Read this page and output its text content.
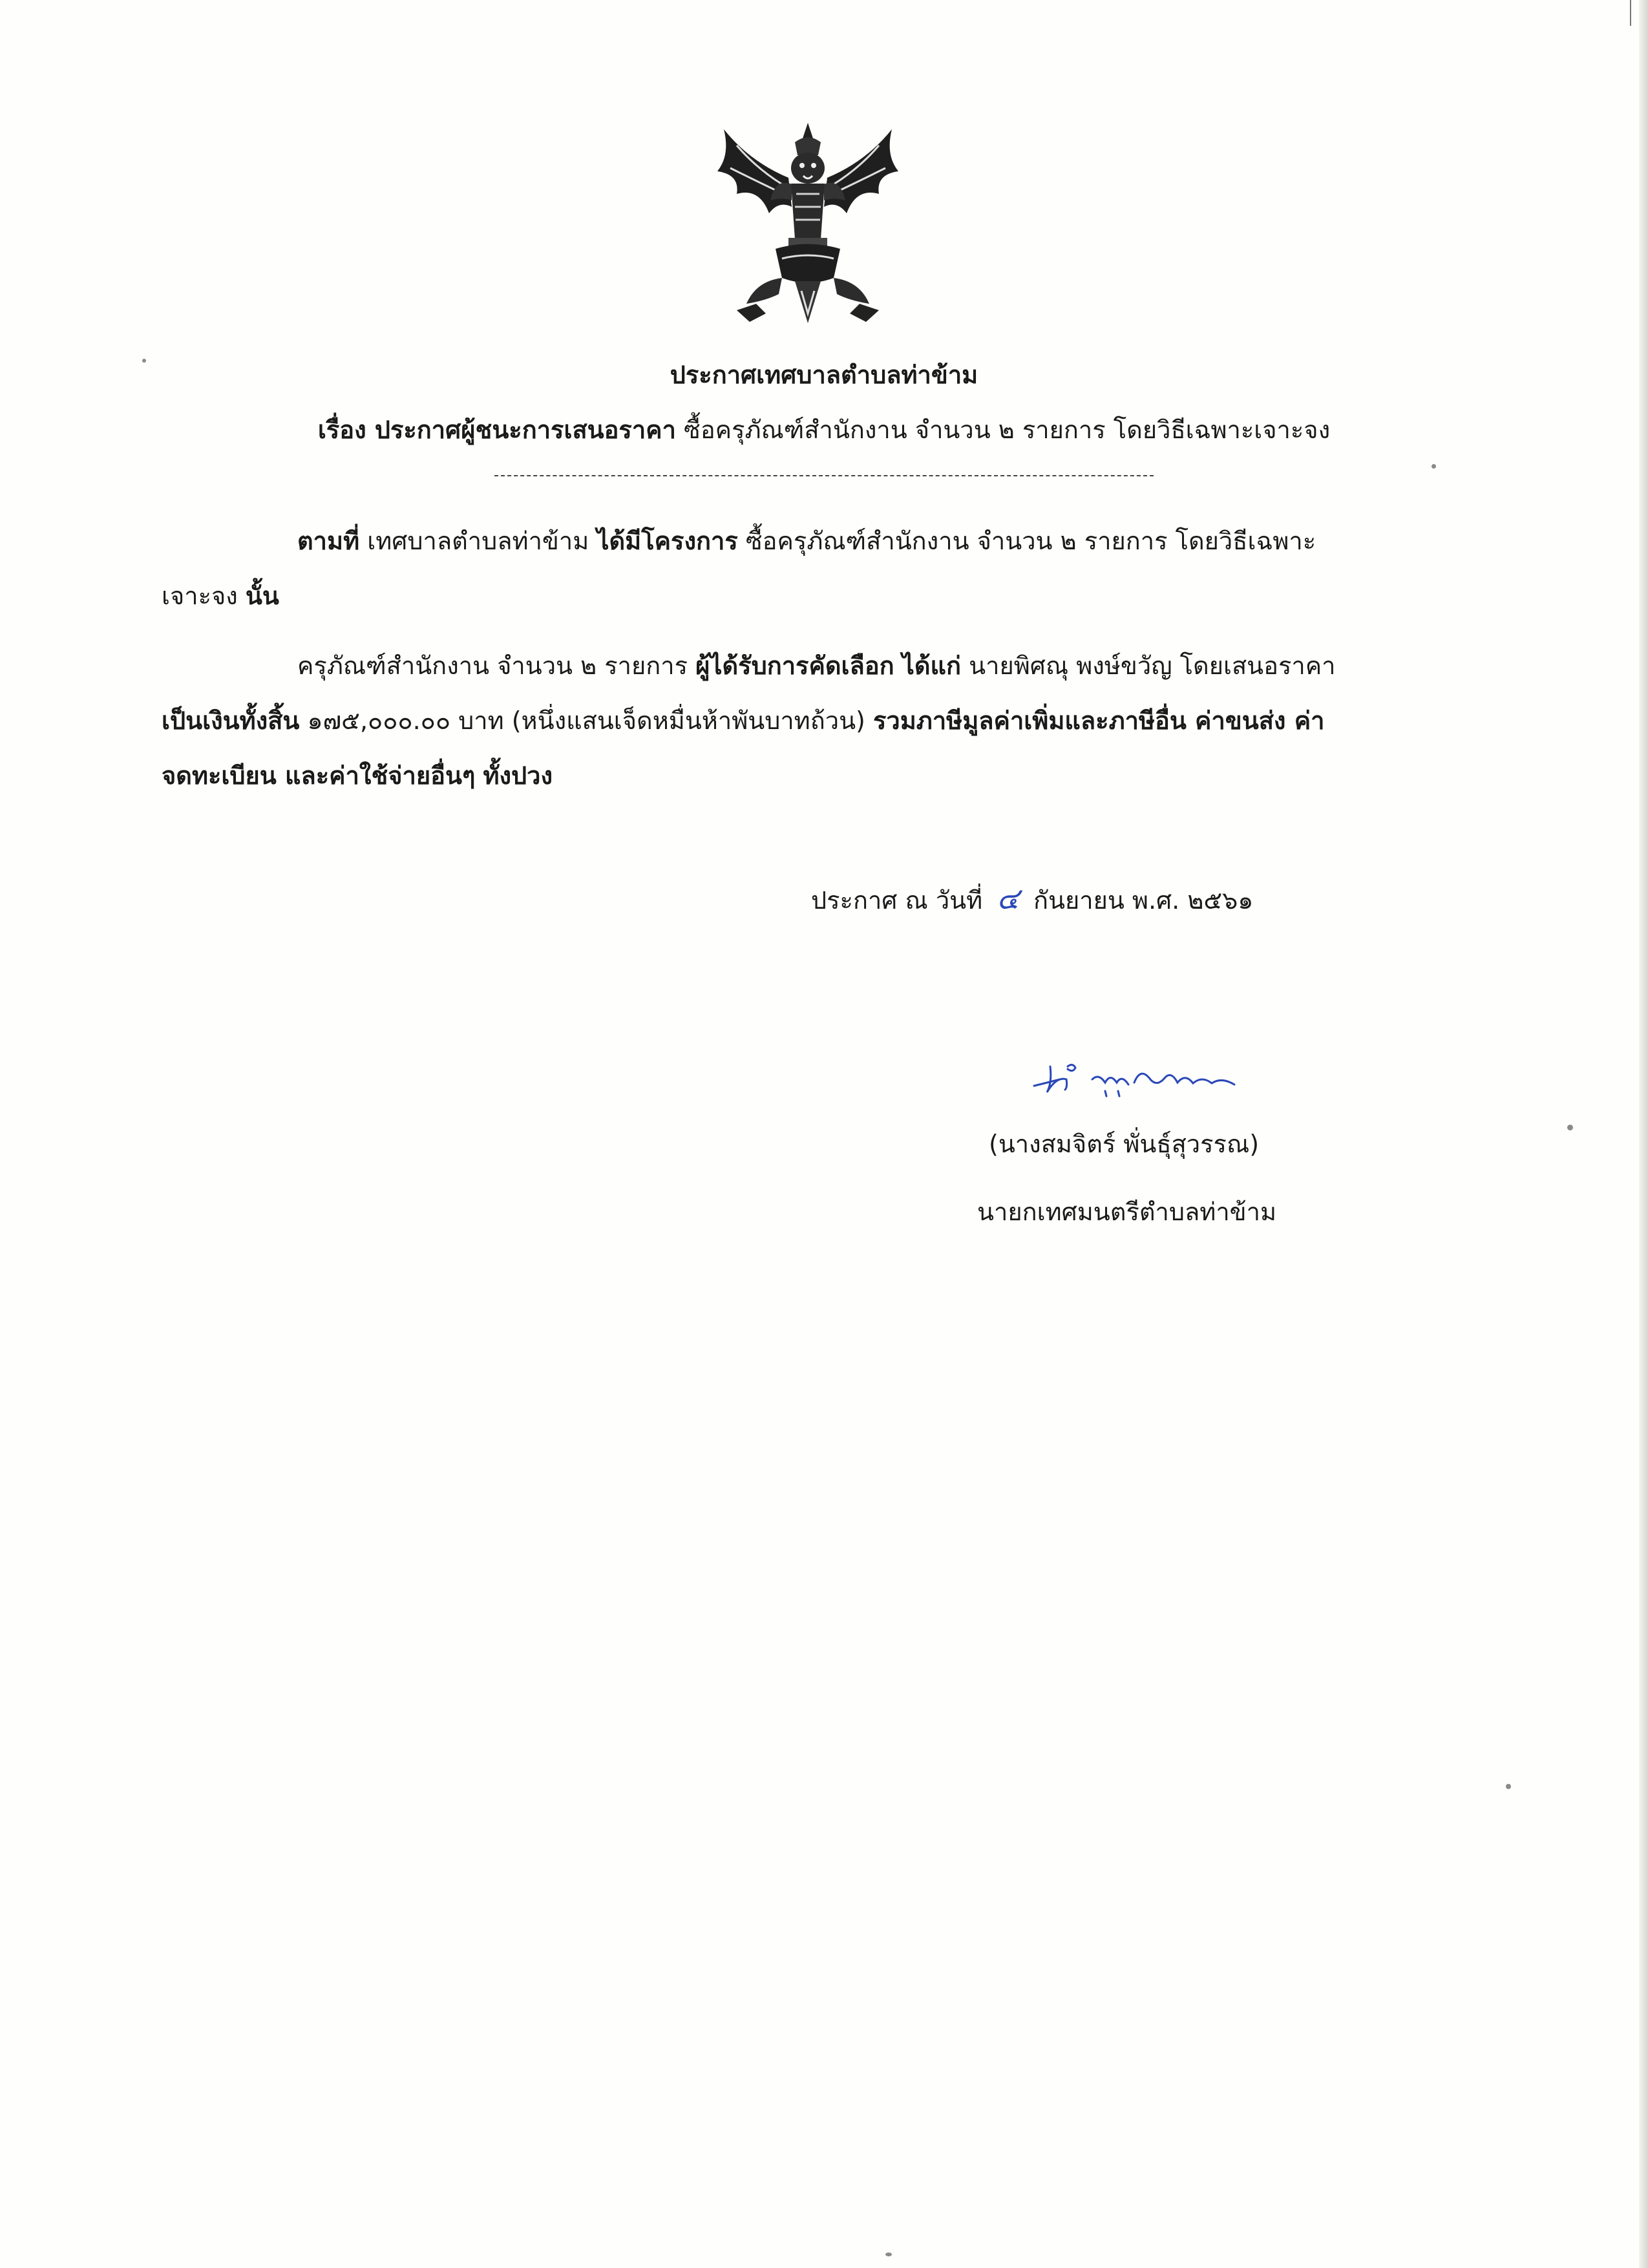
ประกาศเทศบาลตำบลท่าข้าม
เรื่อง ประกาศผู้ชนะการเสนอราคา ซื้อครุภัณฑ์สำนักงาน จำนวน ๒ รายการ โดยวิธีเฉพาะเจาะจง
ตามที่ เทศบาลตำบลท่าข้าม ได้มีโครงการ ซื้อครุภัณฑ์สำนักงาน จำนวน ๒ รายการ โดยวิธีเฉพาะ
เจาะจง นั้น
ครุภัณฑ์สำนักงาน จำนวน ๒ รายการ ผู้ได้รับการคัดเลือก ได้แก่ นายพิศณุ พงษ์ขวัญ โดยเสนอราคา
เป็นเงินทั้งสิ้น ๑๗๕,๐๐๐.๐๐ บาท (หนึ่งแสนเจ็ดหมื่นห้าพันบาทถ้วน) รวมภาษีมูลค่าเพิ่มและภาษีอื่น ค่าขนส่ง ค่า
จดทะเบียน และค่าใช้จ่ายอื่นๆ ทั้งปวง
ประกาศ ณ วันที่ ๔ กันยายน พ.ศ. ๒๕๖๑
(นางสมจิตร์ พั่นธุ์สุวรรณ)
นายกเทศมนตรีตำบลท่าข้าม
